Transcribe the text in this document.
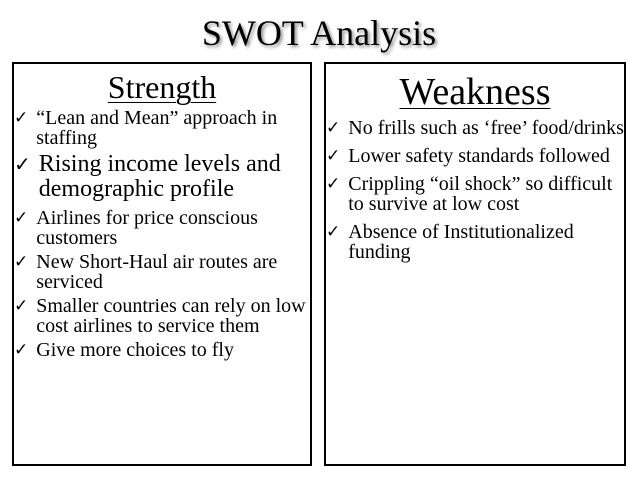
SWOT Analysis
Strength
✓ “Lean and Mean” approach in staffing
✓ Rising income levels and demographic profile
✓ Airlines for price conscious customers
✓ New Short-Haul air routes are serviced
✓ Smaller countries can rely on low cost airlines to service them
✓ Give more choices to fly
Weakness
✓ No frills such as ‘free’ food/drinks
✓ Lower safety standards followed
✓ Crippling “oil shock” so difficult to survive at low cost
✓ Absence of Institutionalized funding
